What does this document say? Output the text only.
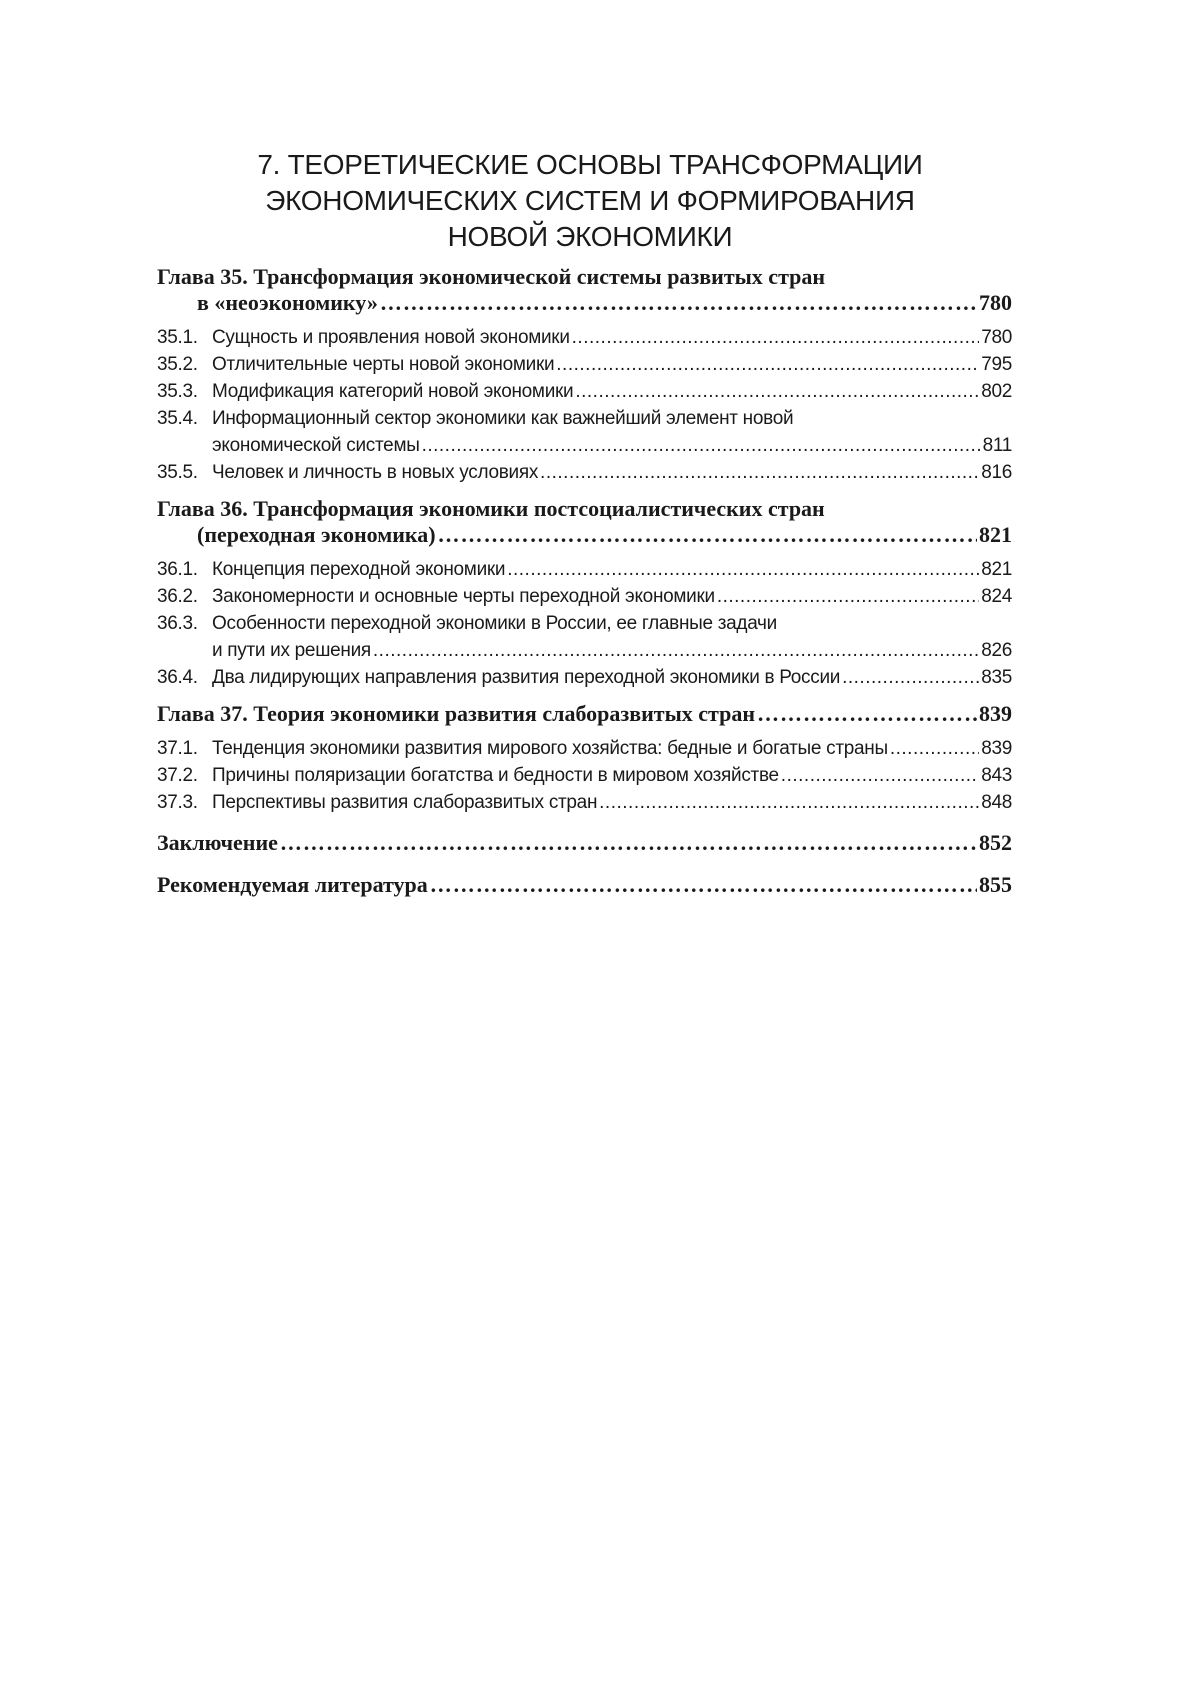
7. ТЕОРЕТИЧЕСКИЕ ОСНОВЫ ТРАНСФОРМАЦИИ
ЭКОНОМИЧЕСКИХ СИСТЕМ И ФОРМИРОВАНИЯ
НОВОЙ ЭКОНОМИКИ
Глава 35. Трансформация экономической системы развитых стран
в «неоэкономику» ……………………………………………………………………………………………………………………………………………………………………………………………	780
35.1. Сущность и проявления новой экономики .....	780
35.2. Отличительные черты новой экономики .....	795
35.3. Модификация категорий новой экономики .....	802
35.4. Информационный сектор экономики как важнейший элемент новой
экономической системы .....	811
35.5. Человек и личность в новых условиях .....	816
Глава 36. Трансформация экономики постсоциалистических стран
(переходная экономика) ……………………………………………………………………………………………………………………………………………………………………………………………	821
36.1. Концепция переходной экономики .....	821
36.2. Закономерности и основные черты переходной экономики .....	824
36.3. Особенности переходной экономики в России, ее главные задачи
и пути их решения .....	826
36.4. Два лидирующих направления развития переходной экономики в России .....	835
Глава 37. Теория экономики развития слаборазвитых стран ……………………………………………………………………………………………………………………………………………………………………………………………	839
37.1. Тенденция экономики развития мирового хозяйства: бедные и богатые страны .....	839
37.2. Причины поляризации богатства и бедности в мировом хозяйстве .....	843
37.3. Перспективы развития слаборазвитых стран .....	848
Заключение ……………………………………………………………………………………………………………………………………………………………………………………………	852
Рекомендуемая литература ……………………………………………………………………………………………………………………………………………………………………………………………	855
